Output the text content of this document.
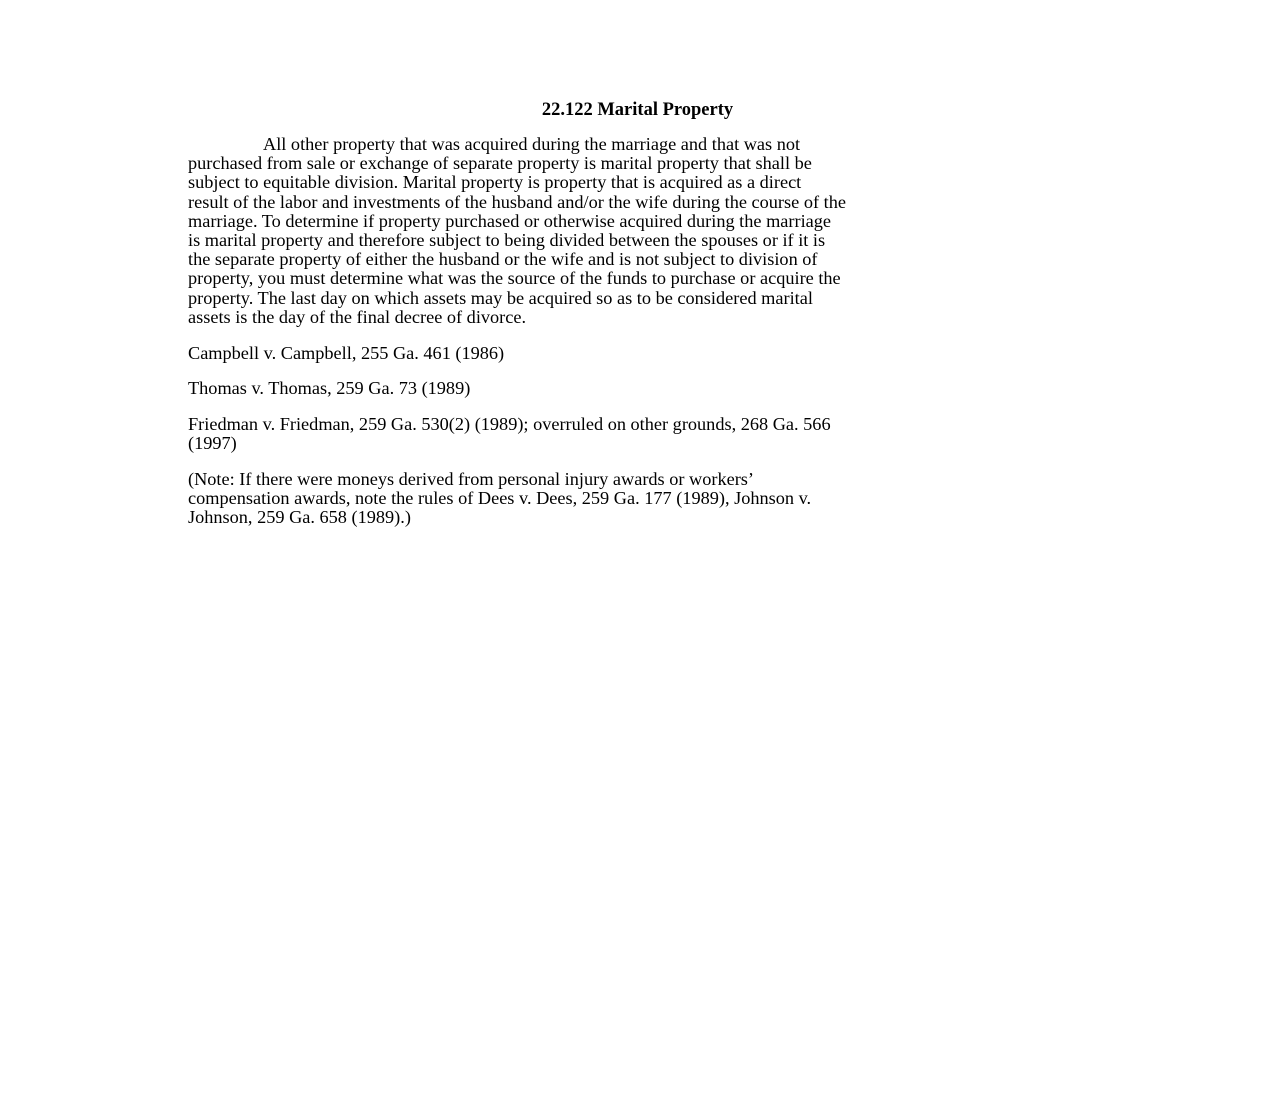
22.122 Marital Property
All other property that was acquired during the marriage and that was not
purchased from sale or exchange of separate property is marital property that shall be
subject to equitable division. Marital property is property that is acquired as a direct
result of the labor and investments of the husband and/or the wife during the course of the
marriage. To determine if property purchased or otherwise acquired during the marriage
is marital property and therefore subject to being divided between the spouses or if it is
the separate property of either the husband or the wife and is not subject to division of
property, you must determine what was the source of the funds to purchase or acquire the
property. The last day on which assets may be acquired so as to be considered marital
assets is the day of the final decree of divorce.
Campbell v. Campbell, 255 Ga. 461 (1986)
Thomas v. Thomas, 259 Ga. 73 (1989)
Friedman v. Friedman, 259 Ga. 530(2) (1989); overruled on other grounds, 268 Ga. 566
(1997)
(Note: If there were moneys derived from personal injury awards or workers’
compensation awards, note the rules of Dees v. Dees, 259 Ga. 177 (1989), Johnson v.
Johnson, 259 Ga. 658 (1989).)
